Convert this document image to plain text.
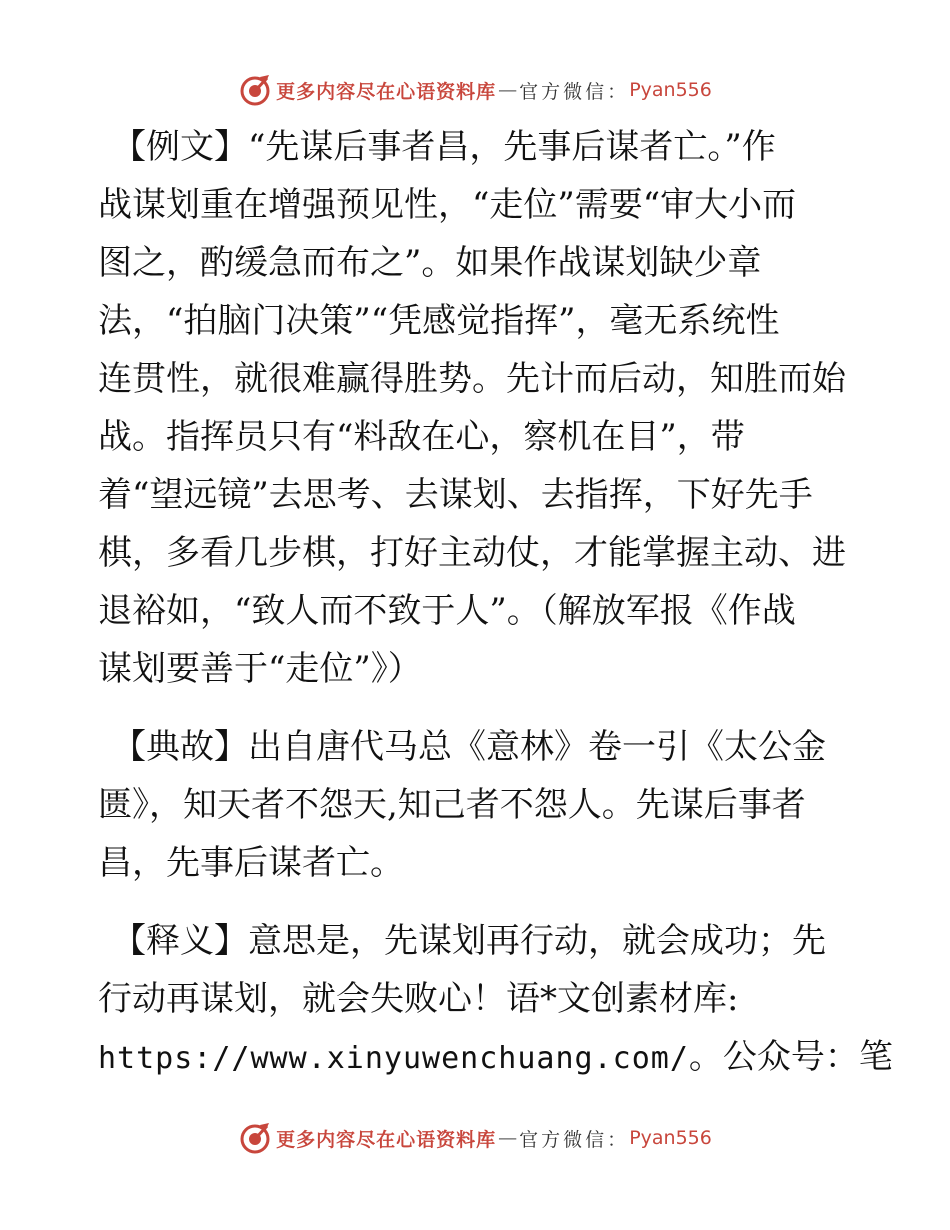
更多内容尽在心语资料库 — 官方微信： Pyan556
【例文】“先谋后事者昌，先事后谋者亡。”作
战谋划重在增强预见性，“走位”需要“审大小而
图之，酌缓急而布之”。如果作战谋划缺少章
法，“拍脑门决策”“凭感觉指挥”，毫无系统性
连贯性，就很难赢得胜势。先计而后动，知胜而始
战。指挥员只有“料敌在心，察机在目”，带
着“望远镜”去思考、去谋划、去指挥，下好先手
棋，多看几步棋，打好主动仗，才能掌握主动、进
退裕如，“致人而不致于人”。（解放军报《作战
谋划要善于“走位”》）
【典故】出自唐代马总《意林》卷一引《太公金
匮》，知天者不怨天,知己者不怨人。先谋后事者
昌，先事后谋者亡。
【释义】意思是，先谋划再行动，就会成功；先
行动再谋划，就会失败心！语*文创素材库:
https://www.xinyuwenchuang.com/。公众号：笔
更多内容尽在心语资料库 — 官方微信： Pyan556
